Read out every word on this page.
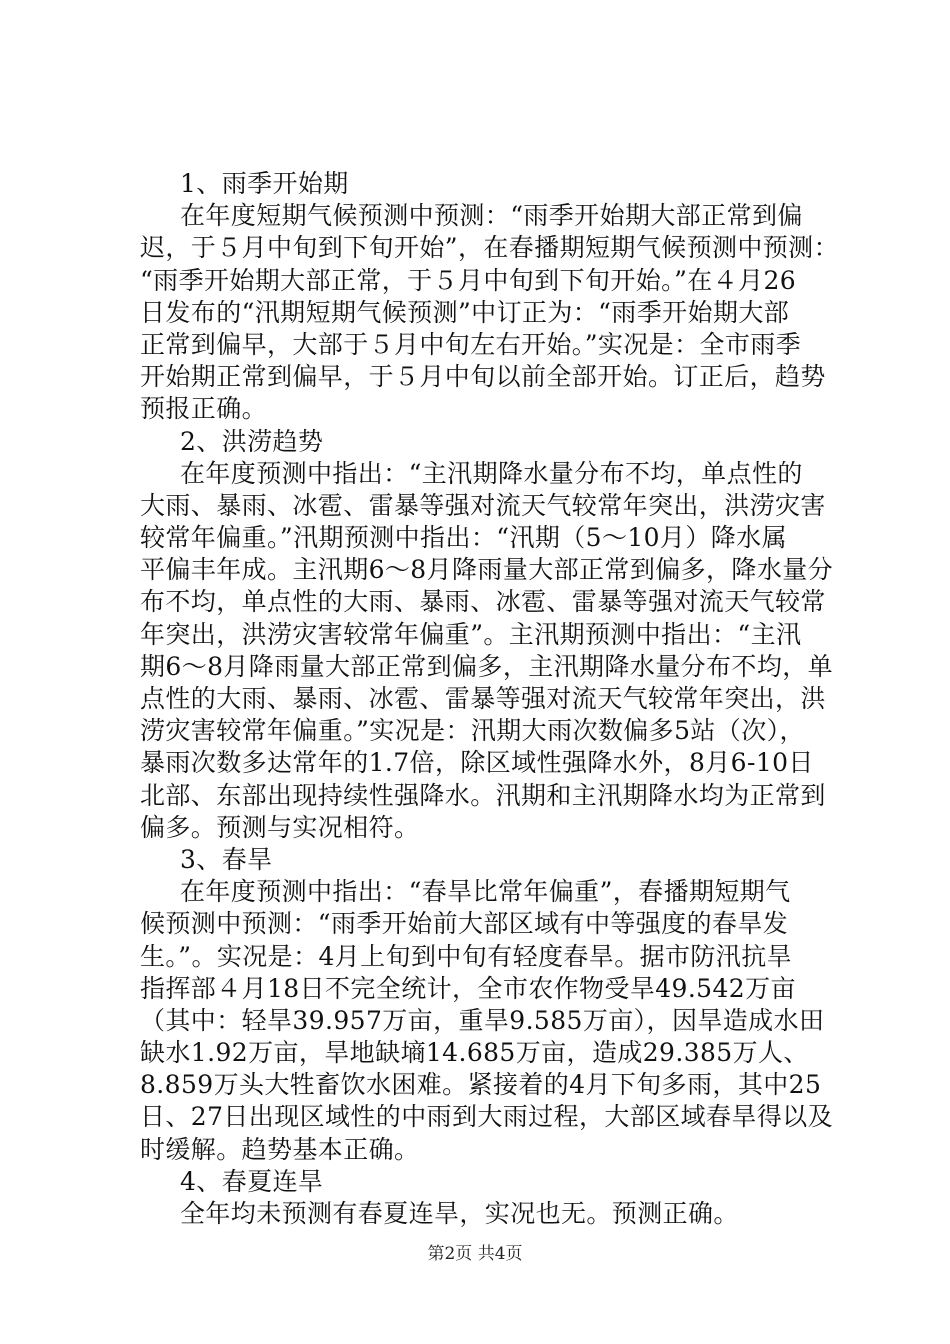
1、雨季开始期
在年度短期气候预测中预测：“雨季开始期大部正常到偏
迟，于５月中旬到下旬开始”，在春播期短期气候预测中预测：
“雨季开始期大部正常，于５月中旬到下旬开始。”在４月26
日发布的“汛期短期气候预测”中订正为：“雨季开始期大部
正常到偏早，大部于５月中旬左右开始。”实况是：全市雨季
开始期正常到偏早，于５月中旬以前全部开始。订正后，趋势
预报正确。
2、洪涝趋势
在年度预测中指出：“主汛期降水量分布不均，单点性的
大雨、暴雨、冰雹、雷暴等强对流天气较常年突出，洪涝灾害
较常年偏重。”汛期预测中指出：“汛期（5～10月）降水属
平偏丰年成。主汛期6～8月降雨量大部正常到偏多，降水量分
布不均，单点性的大雨、暴雨、冰雹、雷暴等强对流天气较常
年突出，洪涝灾害较常年偏重”。主汛期预测中指出：“主汛
期6～8月降雨量大部正常到偏多，主汛期降水量分布不均，单
点性的大雨、暴雨、冰雹、雷暴等强对流天气较常年突出，洪
涝灾害较常年偏重。”实况是：汛期大雨次数偏多5站（次），
暴雨次数多达常年的1.7倍，除区域性强降水外，8月6-10日
北部、东部出现持续性强降水。汛期和主汛期降水均为正常到
偏多。预测与实况相符。
3、春旱
在年度预测中指出：“春旱比常年偏重”，春播期短期气
候预测中预测：“雨季开始前大部区域有中等强度的春旱发
生。”。实况是：4月上旬到中旬有轻度春旱。据市防汛抗旱
指挥部４月18日不完全统计，全市农作物受旱49.542万亩
（其中：轻旱39.957万亩，重旱9.585万亩），因旱造成水田
缺水1.92万亩，旱地缺墒14.685万亩，造成29.385万人、
8.859万头大牲畜饮水困难。紧接着的4月下旬多雨，其中25
日、27日出现区域性的中雨到大雨过程，大部区域春旱得以及
时缓解。趋势基本正确。
4、春夏连旱
全年均未预测有春夏连旱，实况也无。预测正确。
第2页 共4页
